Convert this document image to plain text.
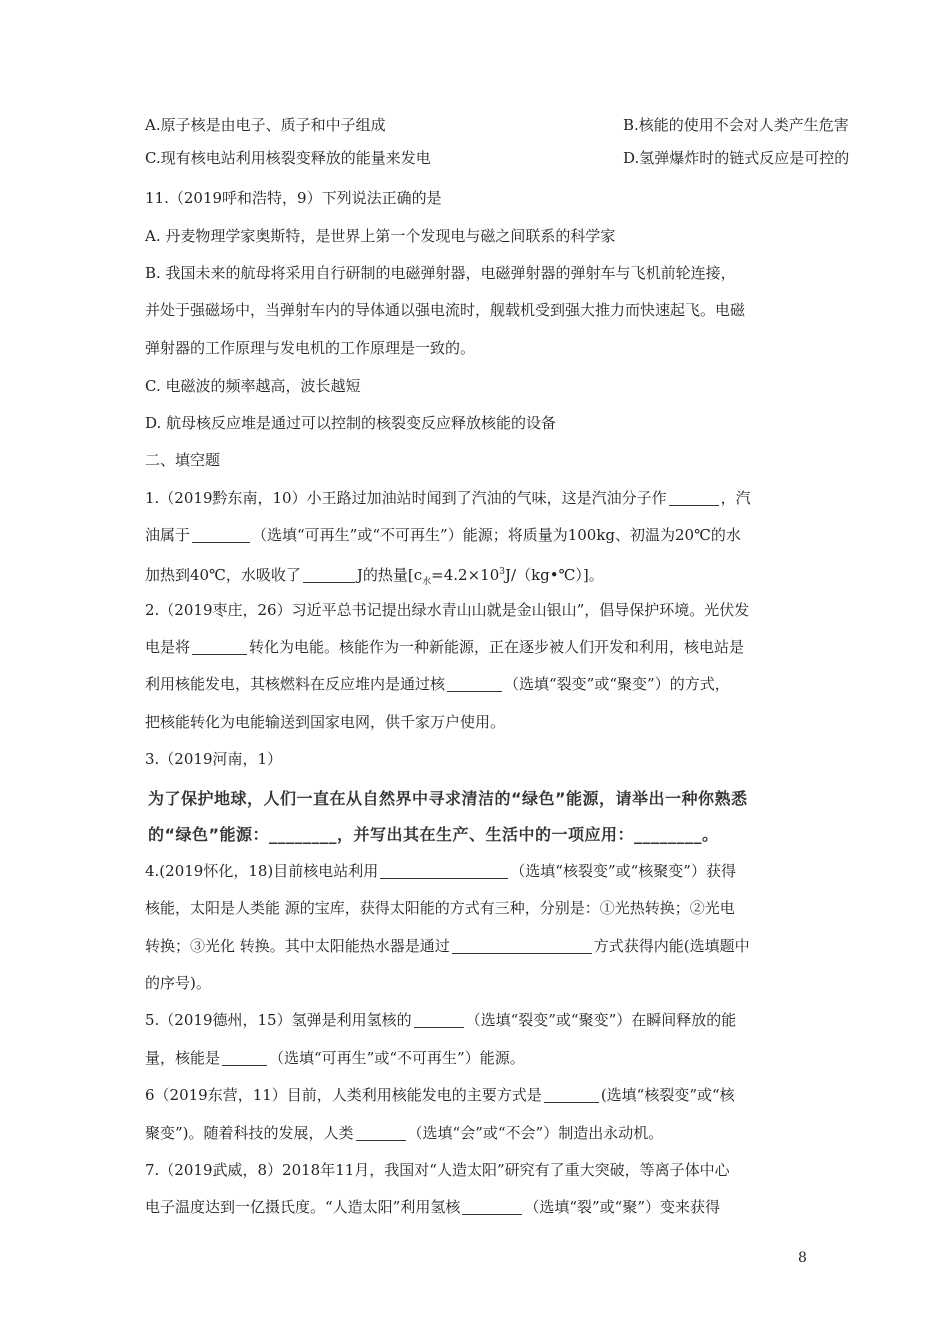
A.原子核是由电子、质子和中子组成	B.核能的使用不会对人类产生危害
C.现有核电站利用核裂变释放的能量来发电	D.氢弹爆炸时的链式反应是可控的
11.（2019呼和浩特，9）下列说法正确的是
A. 丹麦物理学家奥斯特，是世界上第一个发现电与磁之间联系的科学家
B. 我国未来的航母将采用自行研制的电磁弹射器，电磁弹射器的弹射车与飞机前轮连接，
并处于强磁场中，当弹射车内的导体通以强电流时，舰载机受到强大推力而快速起飞。电磁
弹射器的工作原理与发电机的工作原理是一致的。
C. 电磁波的频率越高，波长越短
D. 航母核反应堆是通过可以控制的核裂变反应释放核能的设备
二、填空题
1.（2019黔东南，10）小王路过加油站时闻到了汽油的气味，这是汽油分子作	，汽
油属于	（选填“可再生”或“不可再生”）能源；将质量为100kg、初温为20℃的水
加热到40℃，水吸收了	J的热量$[c_水=4.2\times 10^3J/(kg•℃)]$。
2.（2019枣庄，26）习近平总书记提出绿水青山山就是金山银山”，倡导保护环境。光伏发
电是将	转化为电能。核能作为一种新能源，正在逐步被人们开发和利用，核电站是
利用核能发电，其核燃料在反应堆内是通过核	（选填“裂变”或“聚变”）的方式，
把核能转化为电能输送到国家电网，供千家万户使用。
3.（2019河南，1）
为了保护地球，人们一直在从自然界中寻求清洁的“绿色”能源，请举出一种你熟悉
的“绿色”能源：________，并写出其在生产、生活中的一项应用：________。
4.(2019怀化，18)目前核电站利用	（选填“核裂变”或“核聚变”）获得
核能，太阳是人类能 源的宝库，获得太阳能的方式有三种，分别是：①光热转换；②光电
转换；③光化 转换。其中太阳能热水器是通过	方式获得内能(选填题中
的序号)。
5.（2019德州，15）氢弹是利用氢核的	（选填“裂变”或“聚变”）在瞬间释放的能
量，核能是	（选填“可再生”或“不可再生”）能源。
6（2019东营，11）目前，人类利用核能发电的主要方式是	(选填“核裂变”或“核
聚变”)。随着科技的发展，人类	（选填“会”或“不会”）制造出永动机。
7.（2019武威，8）2018年11月，我国对“人造太阳”研究有了重大突破，等离子体中心
电子温度达到一亿摄氏度。“人造太阳”利用氢核	（选填“裂”或“聚”）变来获得
8
